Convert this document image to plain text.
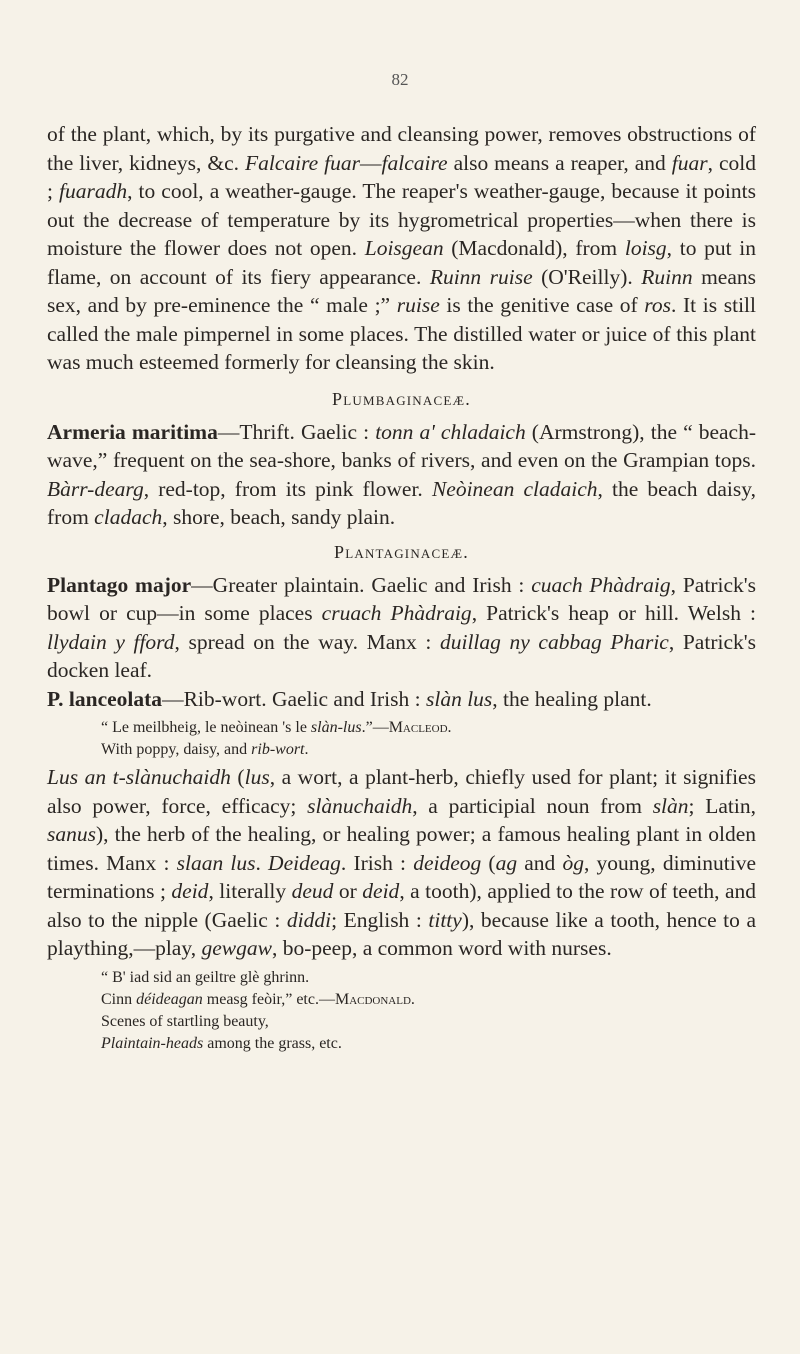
82

of the plant, which, by its purgative and cleansing power, removes obstructions of the liver, kidneys, &c. Falcaire fuar—falcaire also means a reaper, and fuar, cold ; fuaradh, to cool, a weather-gauge. The reaper's weather-gauge, because it points out the decrease of temperature by its hygrometrical properties—when there is moisture the flower does not open. Loisgean (Macdonald), from loisg, to put in flame, on account of its fiery appearance. Ruinn ruise (O'Reilly). Ruinn means sex, and by pre-eminence the “ male ;” ruise is the genitive case of ros. It is still called the male pimpernel in some places. The distilled water or juice of this plant was much esteemed formerly for cleansing the skin.

Plumbaginaceæ.

Armeria maritima—Thrift. Gaelic : tonn a' chladaich (Armstrong), the “ beach-wave,” frequent on the sea-shore, banks of rivers, and even on the Grampian tops. Bàrr-dearg, red-top, from its pink flower. Neòinean cladaich, the beach daisy, from cladach, shore, beach, sandy plain.

Plantaginaceæ.

Plantago major—Greater plaintain. Gaelic and Irish : cuach Phàdraig, Patrick's bowl or cup—in some places cruach Phàdraig, Patrick's heap or hill. Welsh : llydain y fford, spread on the way. Manx : duillag ny cabbag Pharic, Patrick's docken leaf.

P. lanceolata—Rib-wort. Gaelic and Irish : slàn lus, the healing plant.

“ Le meilbheig, le neòinean 's le slàn-lus.”—Macleod.
With poppy, daisy, and rib-wort.

Lus an t-slànuchaidh (lus, a wort, a plant-herb, chiefly used for plant; it signifies also power, force, efficacy; slànuchaidh, a participial noun from slàn; Latin, sanus), the herb of the healing, or healing power; a famous healing plant in olden times. Manx : slaan lus. Deideag. Irish : deideog (ag and òg, young, diminutive terminations ; deid, literally deud or deid, a tooth), applied to the row of teeth, and also to the nipple (Gaelic : diddi; English : titty), because like a tooth, hence to a plaything,—play, gewgaw, bo-peep, a common word with nurses.

“ B' iad sid an geiltre glè ghrinn.
Cinn déideagan measg feòir,” etc.—Macdonald.
Scenes of startling beauty,
Plaintain-heads among the grass, etc.
